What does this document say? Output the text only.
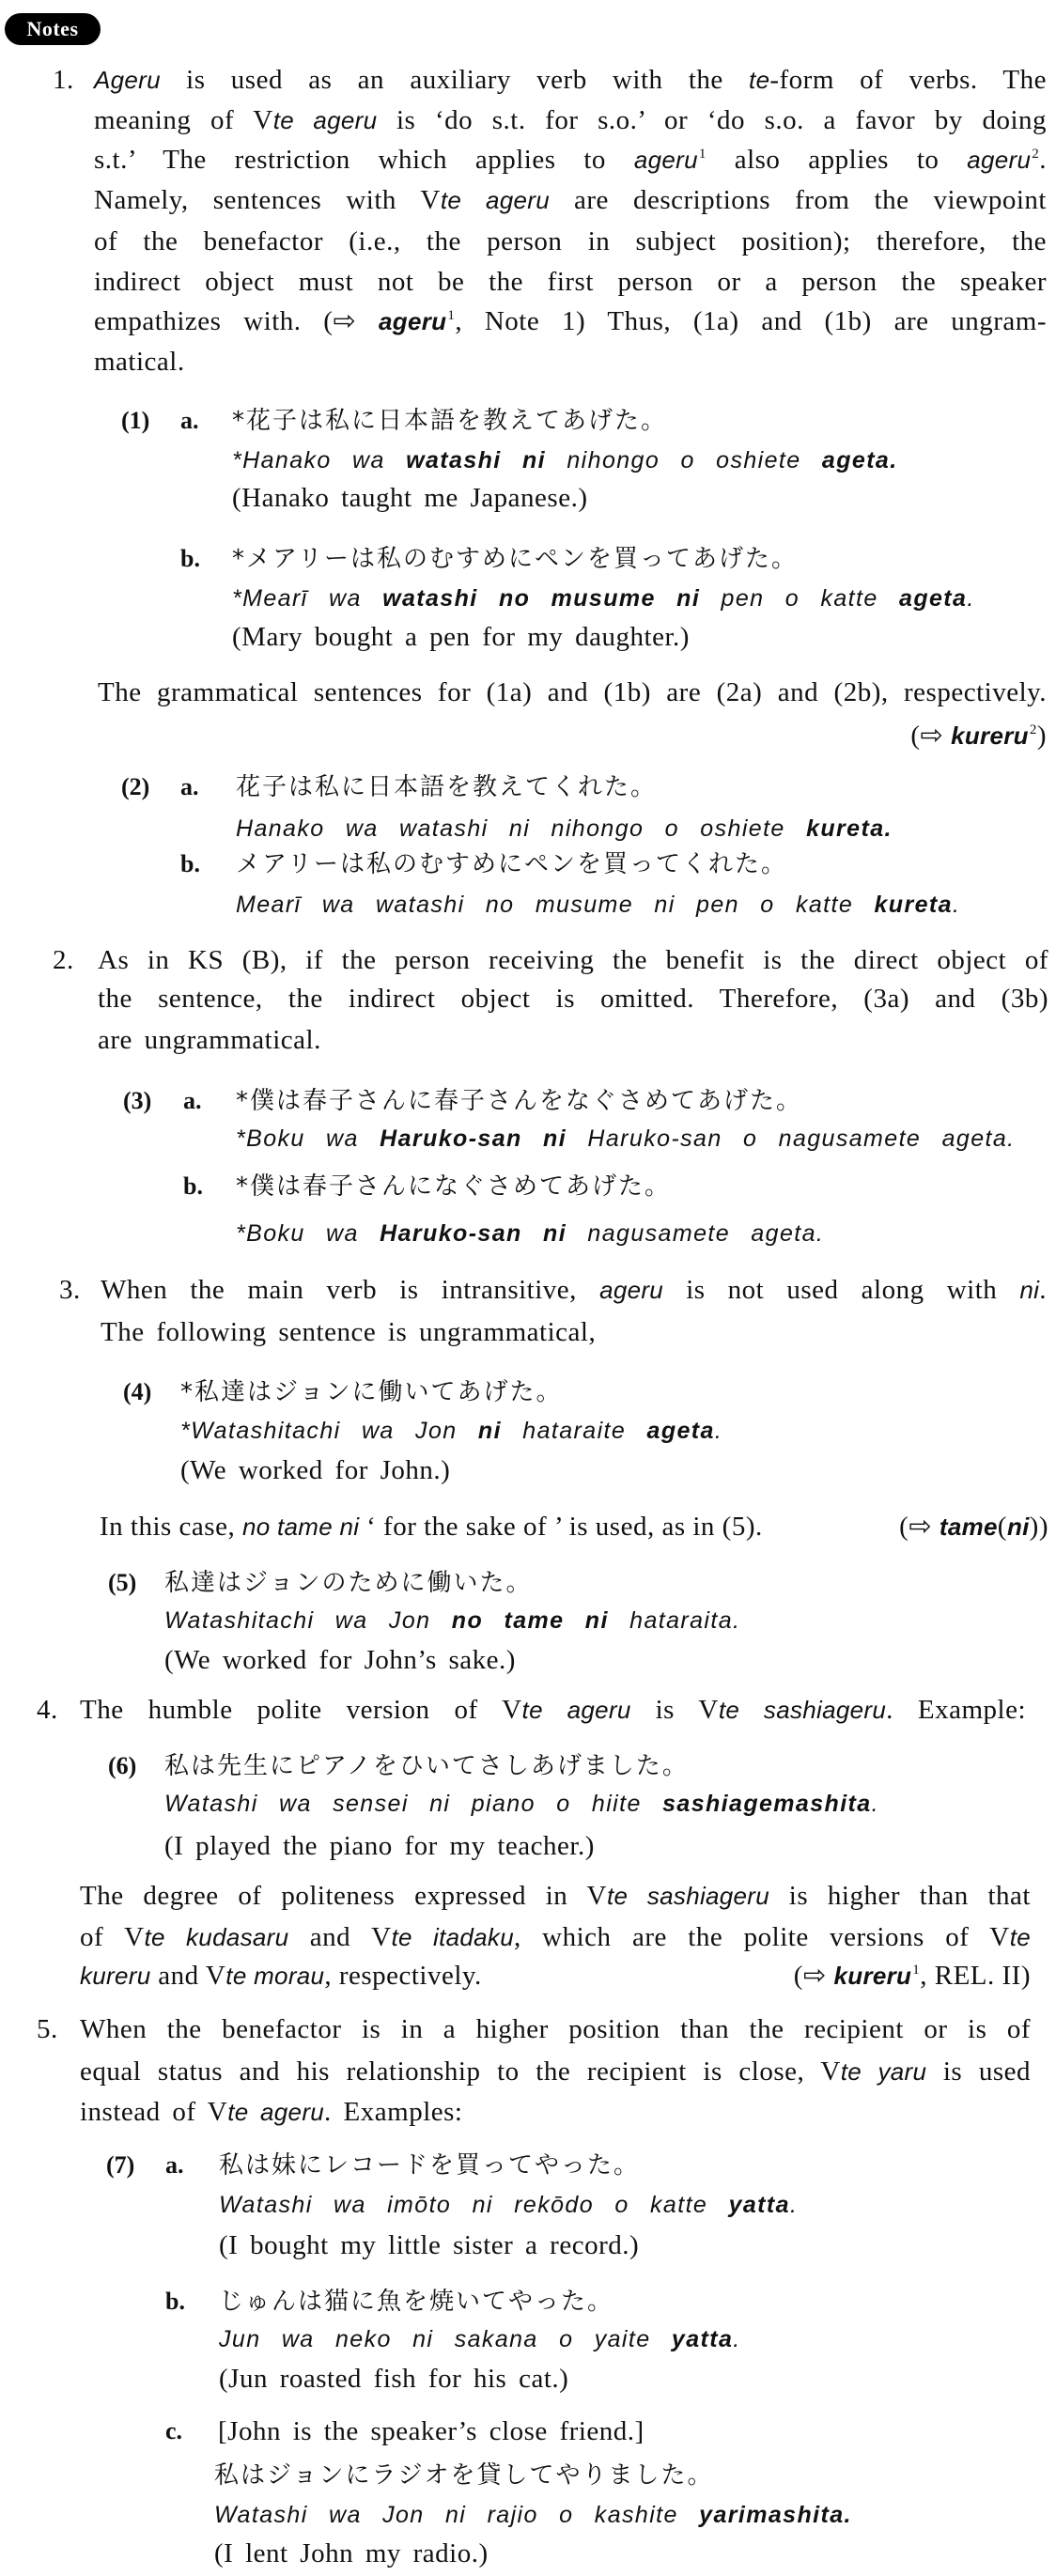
Notes
1. Ageru is used as an auxiliary verb with the te-form of verbs. The
meaning of Vte ageru is ‘do s.t. for s.o.’ or ‘do s.o. a favor by doing
s.t.’ The restriction which applies to ageru$^1$ also applies to ageru$^2$.
Namely, sentences with Vte ageru are descriptions from the viewpoint
of the benefactor (i.e., the person in subject position); therefore, the
indirect object must not be the first person or a person the speaker
empathizes with. (⇨ ageru$^1$, Note 1) Thus, (1a) and (1b) are ungram-
matical.
(1) a. *花子は私に日本語を教えてあげた。
*Hanako wa watashi ni nihongo o oshiete ageta.
(Hanako taught me Japanese.)
b. *メアリーは私のむすめにペンを買ってあげた。
*Mearī wa watashi no musume ni pen o katte ageta.
(Mary bought a pen for my daughter.)
The grammatical sentences for (1a) and (1b) are (2a) and (2b), respectively.
(⇨ kureru$^2$)
(2) a. 花子は私に日本語を教えてくれた。
Hanako wa watashi ni nihongo o oshiete kureta.
b. メアリーは私のむすめにペンを買ってくれた。
Mearī wa watashi no musume ni pen o katte kureta.
2. As in KS (B), if the person receiving the benefit is the direct object of
the sentence, the indirect object is omitted. Therefore, (3a) and (3b)
are ungrammatical.
(3) a. *僕は春子さんに春子さんをなぐさめてあげた。
*Boku wa Haruko-san ni Haruko-san o nagusamete ageta.
b. *僕は春子さんになぐさめてあげた。
*Boku wa Haruko-san ni nagusamete ageta.
3. When the main verb is intransitive, ageru is not used along with ni.
The following sentence is ungrammatical,
(4) *私達はジョンに働いてあげた。
*Watashitachi wa Jon ni hataraite ageta.
(We worked for John.)
In this case, no tame ni ‘ for the sake of ’ is used, as in (5).	(⇨ tame(ni))
(5) 私達はジョンのために働いた。
Watashitachi wa Jon no tame ni hataraita.
(We worked for John’s sake.)
4. The humble polite version of Vte ageru is Vte sashiageru. Example:
(6) 私は先生にピアノをひいてさしあげました。
Watashi wa sensei ni piano o hiite sashiagemashita.
(I played the piano for my teacher.)
The degree of politeness expressed in Vte sashiageru is higher than that
of Vte kudasaru and Vte itadaku, which are the polite versions of Vte
kureru and Vte morau, respectively.	(⇨ kureru$^1$, REL. II)
5. When the benefactor is in a higher position than the recipient or is of
equal status and his relationship to the recipient is close, Vte yaru is used
instead of Vte ageru. Examples:
(7) a. 私は妹にレコードを買ってやった。
Watashi wa imōto ni rekōdo o katte yatta.
(I bought my little sister a record.)
b. じゅんは猫に魚を焼いてやった。
Jun wa neko ni sakana o yaite yatta.
(Jun roasted fish for his cat.)
c. [John is the speaker’s close friend.]
私はジョンにラジオを貸してやりました。
Watashi wa Jon ni rajio o kashite yarimashita.
(I lent John my radio.)
